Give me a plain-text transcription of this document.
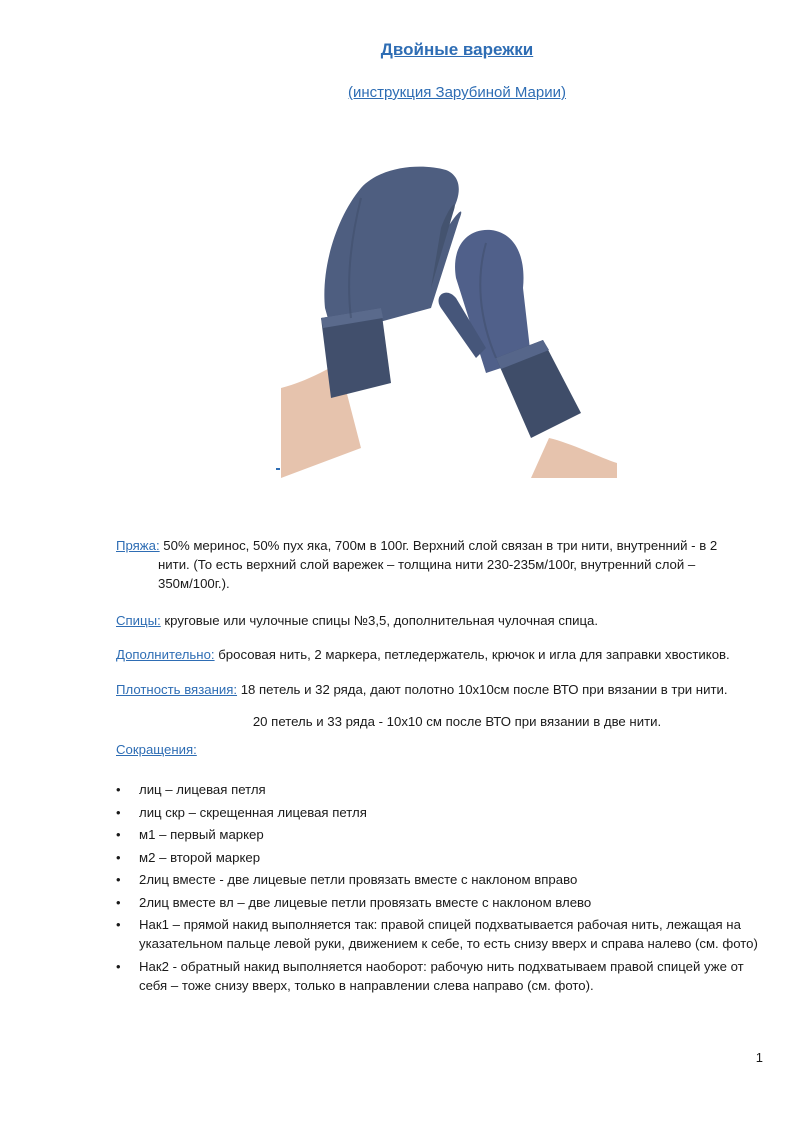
Двойные варежки
(инструкция Зарубиной Марии)
Пряжа: 50% меринос, 50% пух яка, 700м в 100г. Верхний слой связан в три нити, внутренний - в 2
нити. (То есть верхний слой варежек – толщина нити 230-235м/100г, внутренний слой –
350м/100г.).
Спицы: круговые или чулочные спицы №3,5, дополнительная чулочная спица.
Дополнительно: бросовая нить, 2 маркера, петледержатель, крючок и игла для заправки хвостиков.
Плотность вязания: 18 петель и 32 ряда, дают полотно 10х10см после ВТО при вязании в три нити.
20 петель и 33 ряда - 10х10 см после ВТО при вязании в две нити.
Сокращения:
• лиц – лицевая петля
• лиц скр – скрещенная лицевая петля
• м1 – первый маркер
• м2 – второй маркер
• 2лиц вместе - две лицевые петли провязать вместе с наклоном вправо
• 2лиц вместе вл – две лицевые петли провязать вместе с наклоном влево
• Нак1 – прямой накид выполняется так: правой спицей подхватывается рабочая нить, лежащая на указательном пальце левой руки, движением к себе, то есть снизу вверх и справа налево (см. фото)
• Нак2 - обратный накид выполняется наоборот: рабочую нить подхватываем правой спицей уже от себя – тоже снизу вверх, только в направлении слева направо (см. фото).
1
